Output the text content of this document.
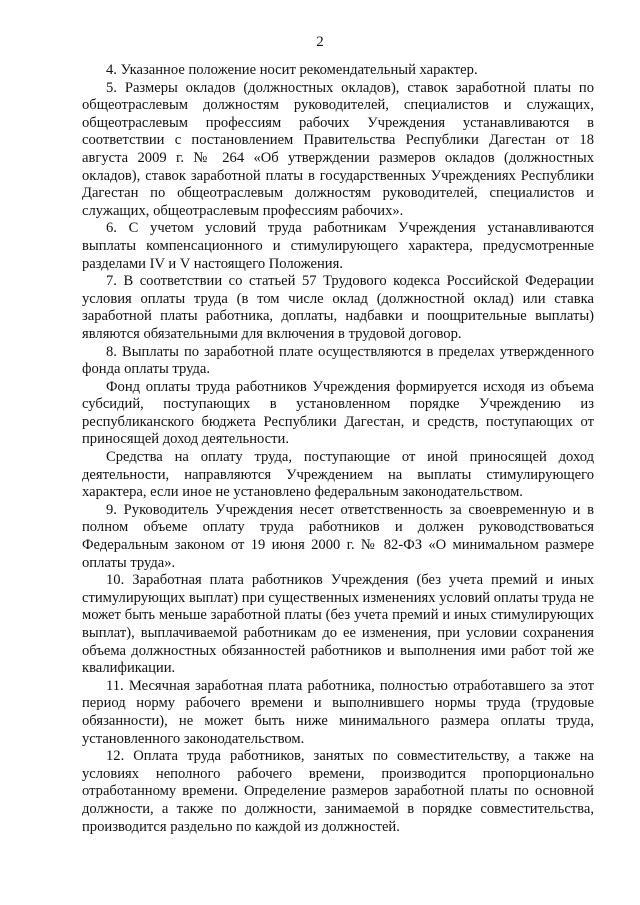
2

4. Указанное положение носит рекомендательный характер.

5. Размеры окладов (должностных окладов), ставок заработной платы по общеотраслевым должностям руководителей, специалистов и служащих, общеотраслевым профессиям рабочих Учреждения устанавливаются в соответствии с постановлением Правительства Республики Дагестан от 18 августа 2009 г. № 264 «Об утверждении размеров окладов (должностных окладов), ставок заработной платы в государственных Учреждениях Республики Дагестан по общеотраслевым должностям руководителей, специалистов и служащих, общеотраслевым профессиям рабочих».

6. С учетом условий труда работникам Учреждения устанавливаются выплаты компенсационного и стимулирующего характера, предусмотренные разделами IV и V настоящего Положения.

7. В соответствии со статьей 57 Трудового кодекса Российской Федерации условия оплаты труда (в том числе оклад (должностной оклад) или ставка заработной платы работника, доплаты, надбавки и поощрительные выплаты) являются обязательными для включения в трудовой договор.

8. Выплаты по заработной плате осуществляются в пределах утвержденного фонда оплаты труда.

Фонд оплаты труда работников Учреждения формируется исходя из объема субсидий, поступающих в установленном порядке Учреждению из республиканского бюджета Республики Дагестан, и средств, поступающих от приносящей доход деятельности.

Средства на оплату труда, поступающие от иной приносящей доход деятельности, направляются Учреждением на выплаты стимулирующего характера, если иное не установлено федеральным законодательством.

9. Руководитель Учреждения несет ответственность за своевременную и в полном объеме оплату труда работников и должен руководствоваться Федеральным законом от 19 июня 2000 г. № 82-ФЗ «О минимальном размере оплаты труда».

10. Заработная плата работников Учреждения (без учета премий и иных стимулирующих выплат) при существенных изменениях условий оплаты труда не может быть меньше заработной платы (без учета премий и иных стимулирующих выплат), выплачиваемой работникам до ее изменения, при условии сохранения объема должностных обязанностей работников и выполнения ими работ той же квалификации.

11. Месячная заработная плата работника, полностью отработавшего за этот период норму рабочего времени и выполнившего нормы труда (трудовые обязанности), не может быть ниже минимального размера оплаты труда, установленного законодательством.

12. Оплата труда работников, занятых по совместительству, а также на условиях неполного рабочего времени, производится пропорционально отработанному времени. Определение размеров заработной платы по основной должности, а также по должности, занимаемой в порядке совместительства, производится раздельно по каждой из должностей.
